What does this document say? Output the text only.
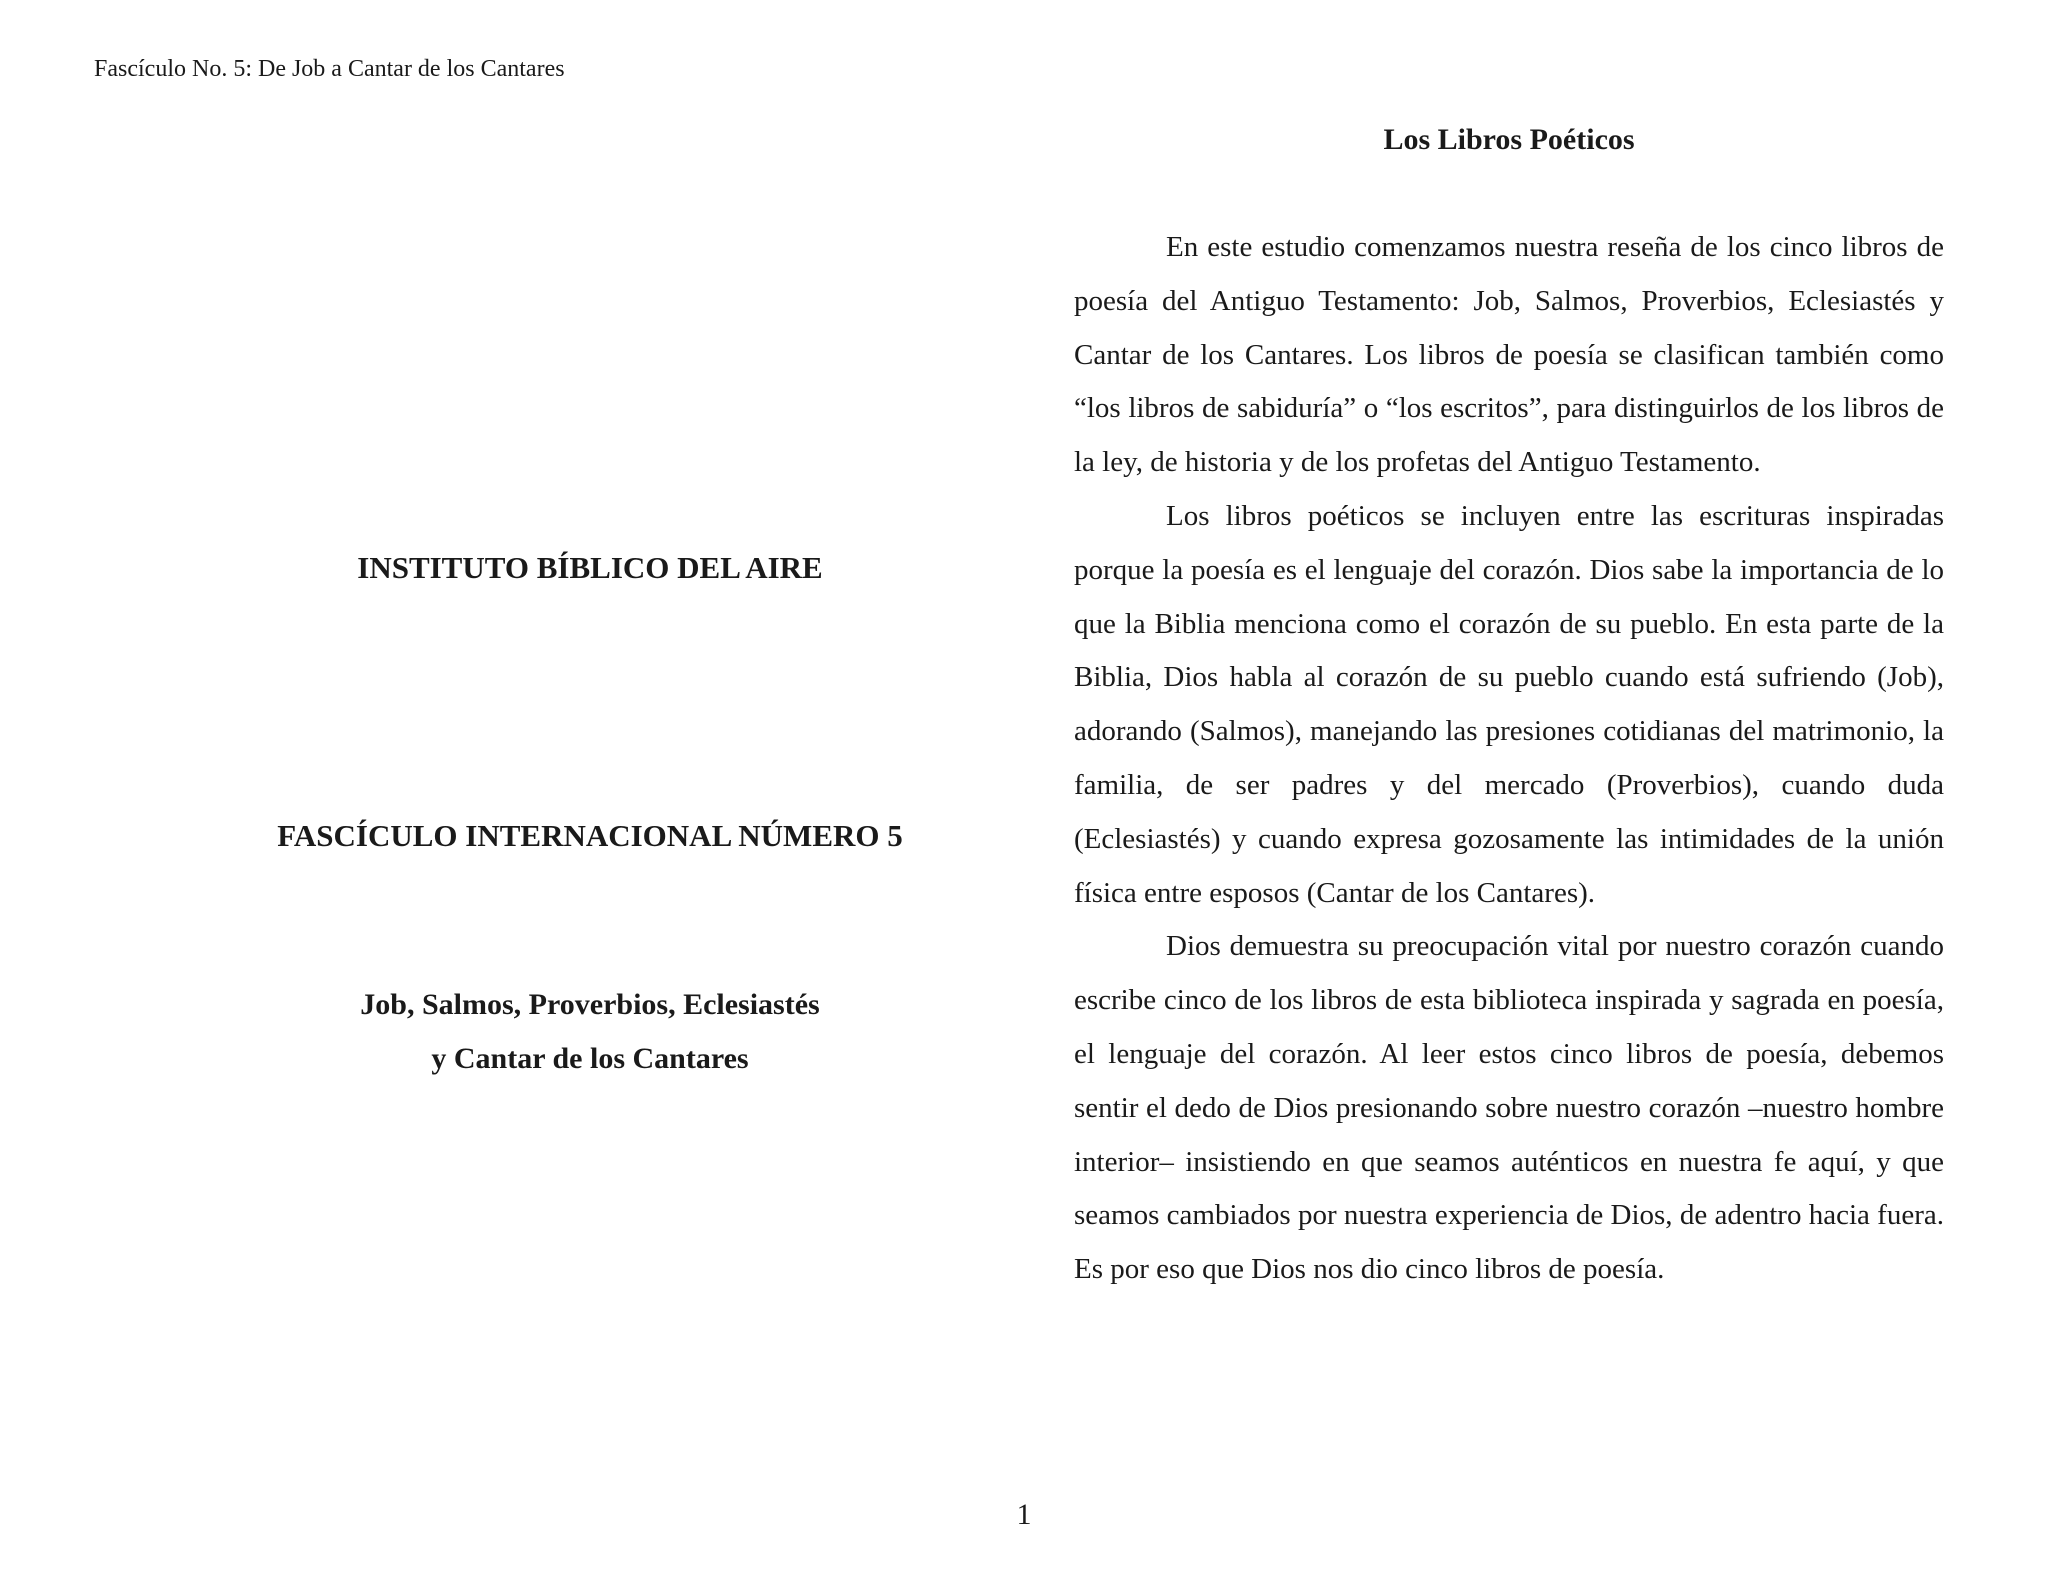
Fascículo No. 5: De Job a Cantar de los Cantares
INSTITUTO BÍBLICO DEL AIRE
FASCÍCULO INTERNACIONAL NÚMERO 5
Job, Salmos, Proverbios, Eclesiastés
y Cantar de los Cantares
Los Libros Poéticos

En este estudio comenzamos nuestra reseña de los cinco libros de poesía del Antiguo Testamento: Job, Salmos, Proverbios, Eclesiastés y Cantar de los Cantares. Los libros de poesía se clasifican también como “los libros de sabiduría” o “los escritos”, para distinguirlos de los libros de la ley, de historia y de los profetas del Antiguo Testamento.

Los libros poéticos se incluyen entre las escrituras inspiradas porque la poesía es el lenguaje del corazón. Dios sabe la importancia de lo que la Biblia menciona como el corazón de su pueblo. En esta parte de la Biblia, Dios habla al corazón de su pueblo cuando está sufriendo (Job), adorando (Salmos), manejando las presiones cotidianas del matrimonio, la familia, de ser padres y del mercado (Proverbios), cuando duda (Eclesiastés) y cuando expresa gozosamente las intimidades de la unión física entre esposos (Cantar de los Cantares).

Dios demuestra su preocupación vital por nuestro corazón cuando escribe cinco de los libros de esta biblioteca inspirada y sagrada en poesía, el lenguaje del corazón. Al leer estos cinco libros de poesía, debemos sentir el dedo de Dios presionando sobre nuestro corazón –nuestro hombre interior– insistiendo en que seamos auténticos en nuestra fe aquí, y que seamos cambiados por nuestra experiencia de Dios, de adentro hacia fuera. Es por eso que Dios nos dio cinco libros de poesía.

1
